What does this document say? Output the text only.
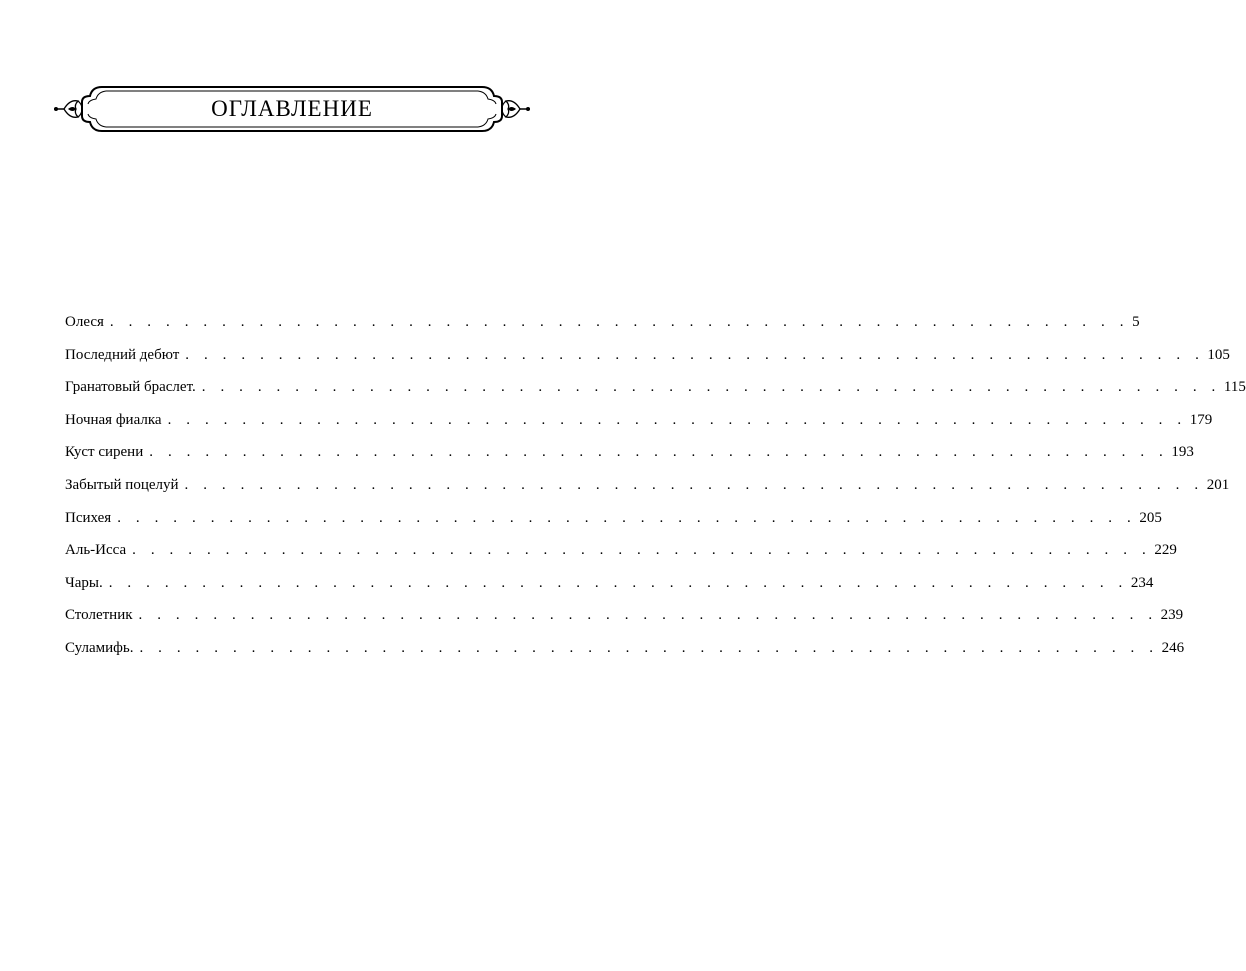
ОГЛАВЛЕНИЕ
Олеся . . . . . . . . . . . . . . . . . . . . . . . . . . . . . . . . . . . . . . . . . . . . . . . . . . . . . . . 5
Последний дебют . . . . . . . . . . . . . . . . . . . . . . . . . . . . . . . . . . . . . . . . . . . . . . . . . . . . . . . 105
Гранатовый браслет. . . . . . . . . . . . . . . . . . . . . . . . . . . . . . . . . . . . . . . . . . . . . . . . . . . . . . . . 115
Ночная фиалка . . . . . . . . . . . . . . . . . . . . . . . . . . . . . . . . . . . . . . . . . . . . . . . . . . . . . . . 179
Куст сирени . . . . . . . . . . . . . . . . . . . . . . . . . . . . . . . . . . . . . . . . . . . . . . . . . . . . . . . 193
Забытый поцелуй . . . . . . . . . . . . . . . . . . . . . . . . . . . . . . . . . . . . . . . . . . . . . . . . . . . . . . . 201
Психея . . . . . . . . . . . . . . . . . . . . . . . . . . . . . . . . . . . . . . . . . . . . . . . . . . . . . . . 205
Аль-Исса . . . . . . . . . . . . . . . . . . . . . . . . . . . . . . . . . . . . . . . . . . . . . . . . . . . . . . . 229
Чары. . . . . . . . . . . . . . . . . . . . . . . . . . . . . . . . . . . . . . . . . . . . . . . . . . . . . . . . 234
Столетник . . . . . . . . . . . . . . . . . . . . . . . . . . . . . . . . . . . . . . . . . . . . . . . . . . . . . . . 239
Суламифь. . . . . . . . . . . . . . . . . . . . . . . . . . . . . . . . . . . . . . . . . . . . . . . . . . . . . . . . 246
